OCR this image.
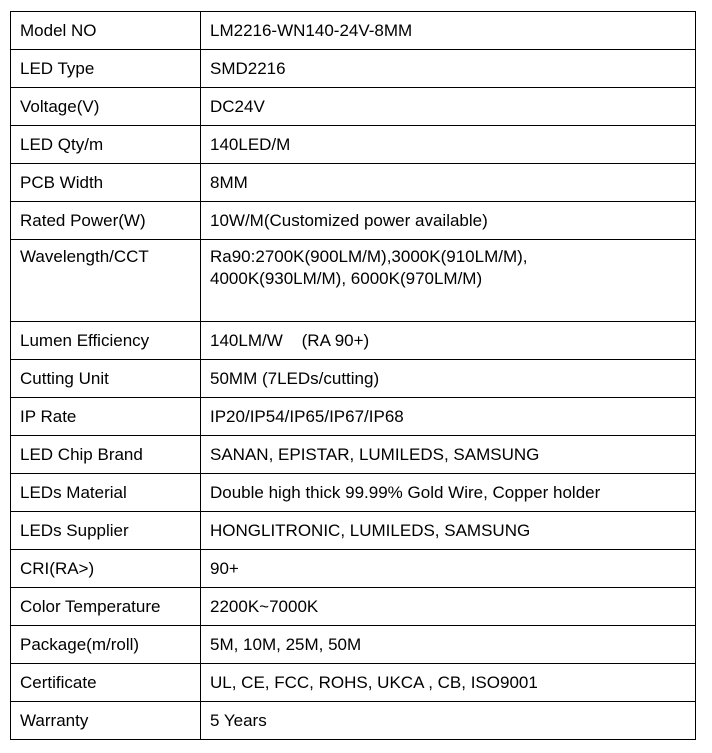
Model NO	LM2216-WN140-24V-8MM
LED Type	SMD2216
Voltage(V)	DC24V
LED Qty/m	140LED/M
PCB Width	8MM
Rated Power(W)	10W/M(Customized power available)
Wavelength/CCT	Ra90:2700K(900LM/M),3000K(910LM/M),
4000K(930LM/M), 6000K(970LM/M)

Lumen Efficiency	140LM/W    (RA 90+)
Cutting Unit	50MM (7LEDs/cutting)
IP Rate	IP20/IP54/IP65/IP67/IP68
LED Chip Brand	SANAN, EPISTAR, LUMILEDS, SAMSUNG
LEDs Material	Double high thick 99.99% Gold Wire, Copper holder
LEDs Supplier	HONGLITRONIC, LUMILEDS, SAMSUNG
CRI(RA>)	90+
Color Temperature	2200K~7000K
Package(m/roll)	5M, 10M, 25M, 50M
Certificate	UL, CE, FCC, ROHS, UKCA , CB, ISO9001
Warranty	5 Years
